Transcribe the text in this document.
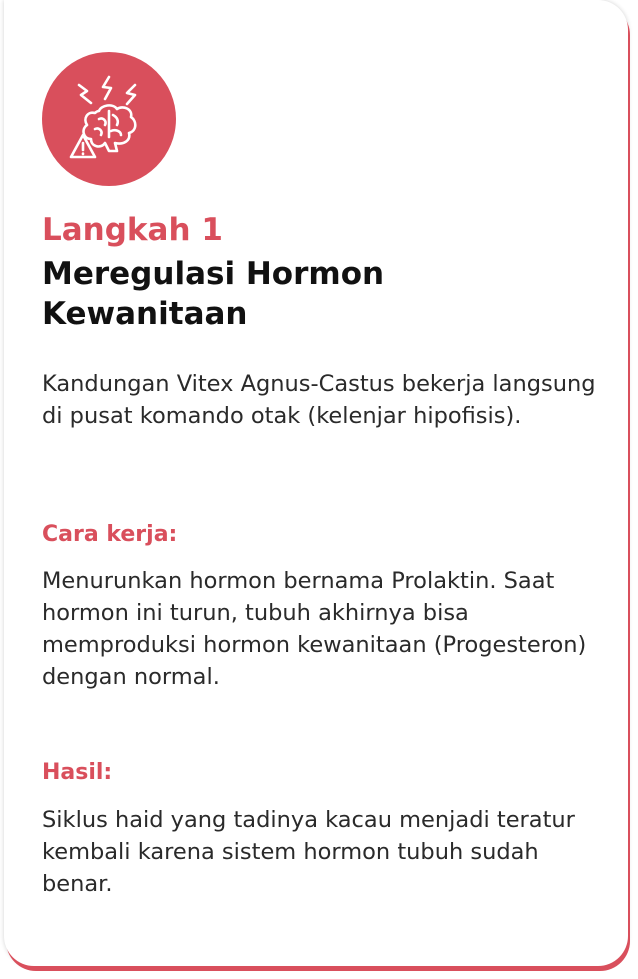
Langkah 1
Meregulasi Hormon Kewanitaan
Kandungan Vitex Agnus-Castus bekerja langsung di pusat komando otak (kelenjar hipofisis).
Cara kerja:
Menurunkan hormon bernama Prolaktin. Saat hormon ini turun, tubuh akhirnya bisa memproduksi hormon kewanitaan (Progesteron) dengan normal.
Hasil:
Siklus haid yang tadinya kacau menjadi teratur kembali karena sistem hormon tubuh sudah benar.
